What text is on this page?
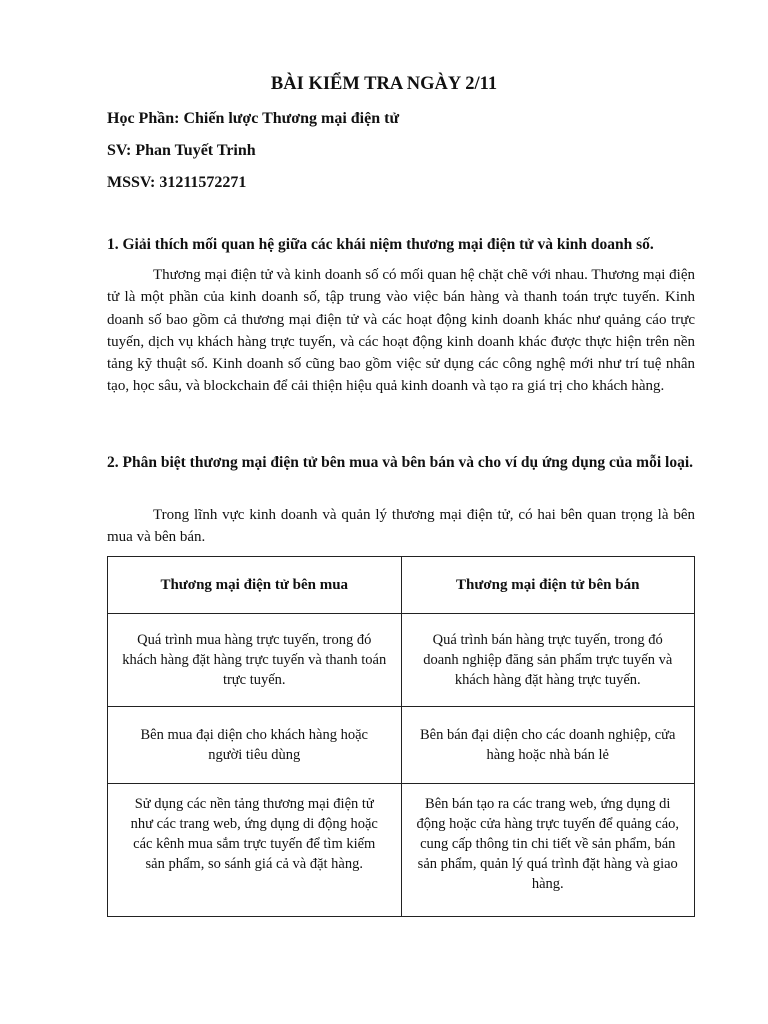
BÀI KIỂM TRA NGÀY 2/11
Học Phần: Chiến lược Thương mại điện tử
SV: Phan Tuyết Trinh
MSSV: 31211572271
1. Giải thích mối quan hệ giữa các khái niệm thương mại điện tử và kinh doanh số.
Thương mại điện tử và kinh doanh số có mối quan hệ chặt chẽ với nhau. Thương mại điện tử là một phần của kinh doanh số, tập trung vào việc bán hàng và thanh toán trực tuyến. Kinh doanh số bao gồm cả thương mại điện tử và các hoạt động kinh doanh khác như quảng cáo trực tuyến, dịch vụ khách hàng trực tuyến, và các hoạt động kinh doanh khác được thực hiện trên nền tảng kỹ thuật số. Kinh doanh số cũng bao gồm việc sử dụng các công nghệ mới như trí tuệ nhân tạo, học sâu, và blockchain để cải thiện hiệu quả kinh doanh và tạo ra giá trị cho khách hàng.
2. Phân biệt thương mại điện tử bên mua và bên bán và cho ví dụ ứng dụng của mỗi loại.
Trong lĩnh vực kinh doanh và quản lý thương mại điện tử, có hai bên quan trọng là bên mua và bên bán.
Thương mại điện tử bên mua	Thương mại điện tử bên bán
Quá trình mua hàng trực tuyến, trong đó khách hàng đặt hàng trực tuyến và thanh toán trực tuyến.	Quá trình bán hàng trực tuyến, trong đó doanh nghiệp đăng sản phẩm trực tuyến và khách hàng đặt hàng trực tuyến.
Bên mua đại diện cho khách hàng hoặc người tiêu dùng	Bên bán đại diện cho các doanh nghiệp, cửa hàng hoặc nhà bán lẻ
Sử dụng các nền tảng thương mại điện tử như các trang web, ứng dụng di động hoặc các kênh mua sắm trực tuyến để tìm kiếm sản phẩm, so sánh giá cả và đặt hàng.	Bên bán tạo ra các trang web, ứng dụng di động hoặc cửa hàng trực tuyến để quảng cáo, cung cấp thông tin chi tiết về sản phẩm, bán sản phẩm, quản lý quá trình đặt hàng và giao hàng.
